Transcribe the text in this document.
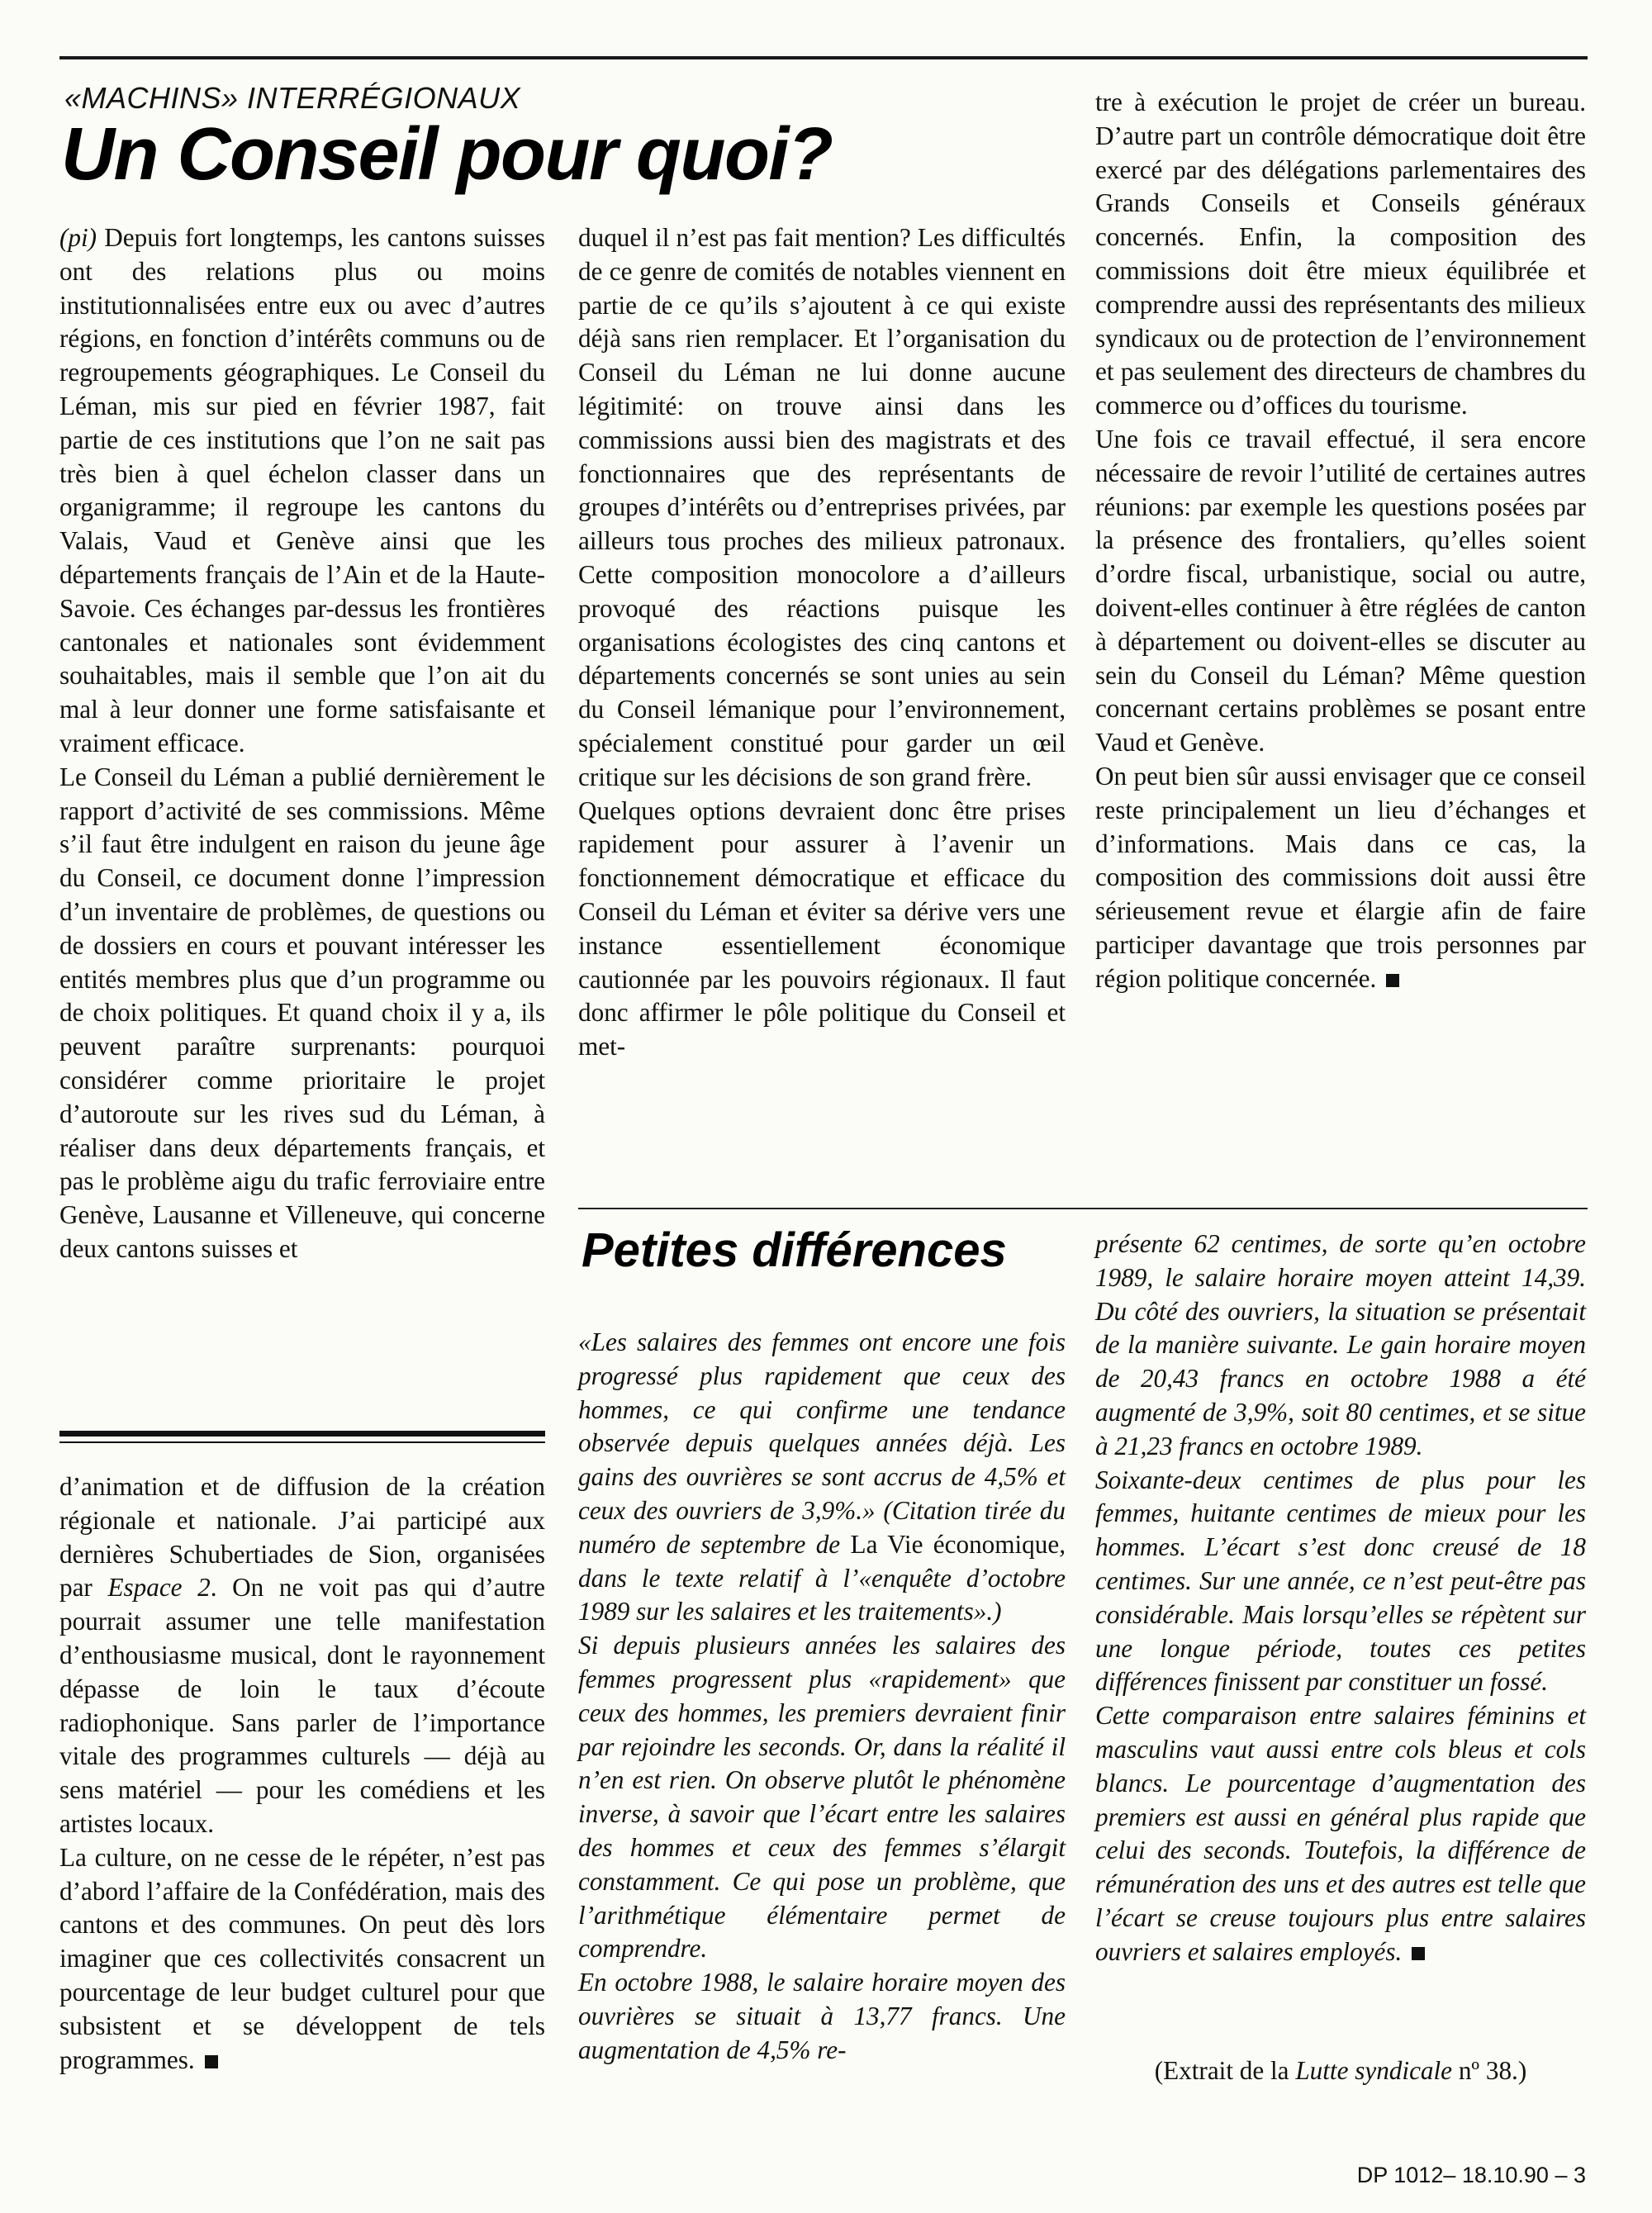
«MACHINS» INTERRÉGIONAUX
Un Conseil pour quoi?

(pi) Depuis fort longtemps, les cantons suisses ont des relations plus ou moins institutionnalisées entre eux ou avec d’autres régions, en fonction d’intérêts communs ou de regroupements géographiques. Le Conseil du Léman, mis sur pied en février 1987, fait partie de ces institutions que l’on ne sait pas très bien à quel échelon classer dans un organigramme; il regroupe les cantons du Valais, Vaud et Genève ainsi que les départements français de l’Ain et de la Haute-Savoie. Ces échanges par-dessus les frontières cantonales et nationales sont évidemment souhaitables, mais il semble que l’on ait du mal à leur donner une forme satisfaisante et vraiment efficace.

Le Conseil du Léman a publié dernièrement le rapport d’activité de ses commissions. Même s’il faut être indulgent en raison du jeune âge du Conseil, ce document donne l’impression d’un inventaire de problèmes, de questions ou de dossiers en cours et pouvant intéresser les entités membres plus que d’un programme ou de choix politiques. Et quand choix il y a, ils peuvent paraître surprenants: pourquoi considérer comme prioritaire le projet d’autoroute sur les rives sud du Léman, à réaliser dans deux départements français, et pas le problème aigu du trafic ferroviaire entre Genève, Lausanne et Villeneuve, qui concerne deux cantons suisses et

duquel il n’est pas fait mention? Les difficultés de ce genre de comités de notables viennent en partie de ce qu’ils s’ajoutent à ce qui existe déjà sans rien remplacer. Et l’organisation du Conseil du Léman ne lui donne aucune légitimité: on trouve ainsi dans les commissions aussi bien des magistrats et des fonctionnaires que des représentants de groupes d’intérêts ou d’entreprises privées, par ailleurs tous proches des milieux patronaux. Cette composition monocolore a d’ailleurs provoqué des réactions puisque les organisations écologistes des cinq cantons et départements concernés se sont unies au sein du Conseil lémanique pour l’environnement, spécialement constitué pour garder un œil critique sur les décisions de son grand frère.

Quelques options devraient donc être prises rapidement pour assurer à l’avenir un fonctionnement démocratique et efficace du Conseil du Léman et éviter sa dérive vers une instance essentiellement économique cautionnée par les pouvoirs régionaux. Il faut donc affirmer le pôle politique du Conseil et met-

tre à exécution le projet de créer un bureau. D’autre part un contrôle démocratique doit être exercé par des délégations parlementaires des Grands Conseils et Conseils généraux concernés. Enfin, la composition des commissions doit être mieux équilibrée et comprendre aussi des représentants des milieux syndicaux ou de protection de l’environnement et pas seulement des directeurs de chambres du commerce ou d’offices du tourisme.

Une fois ce travail effectué, il sera encore nécessaire de revoir l’utilité de certaines autres réunions: par exemple les questions posées par la présence des frontaliers, qu’elles soient d’ordre fiscal, urbanistique, social ou autre, doivent-elles continuer à être réglées de canton à département ou doivent-elles se discuter au sein du Conseil du Léman? Même question concernant certains problèmes se posant entre Vaud et Genève.

On peut bien sûr aussi envisager que ce conseil reste principalement un lieu d’échanges et d’informations. Mais dans ce cas, la composition des commissions doit aussi être sérieusement revue et élargie afin de faire participer davantage que trois personnes par région politique concernée.

d’animation et de diffusion de la création régionale et nationale. J’ai participé aux dernières Schubertiades de Sion, organisées par Espace 2. On ne voit pas qui d’autre pourrait assumer une telle manifestation d’enthousiasme musical, dont le rayonnement dépasse de loin le taux d’écoute radiophonique. Sans parler de l’importance vitale des programmes culturels — déjà au sens matériel — pour les comédiens et les artistes locaux.

La culture, on ne cesse de le répéter, n’est pas d’abord l’affaire de la Confédération, mais des cantons et des communes. On peut dès lors imaginer que ces collectivités consacrent un pourcentage de leur budget culturel pour que subsistent et se développent de tels programmes.

Petites différences

«Les salaires des femmes ont encore une fois progressé plus rapidement que ceux des hommes, ce qui confirme une tendance observée depuis quelques années déjà. Les gains des ouvrières se sont accrus de 4,5% et ceux des ouvriers de 3,9%.» (Citation tirée du numéro de septembre de La Vie économique, dans le texte relatif à l’«enquête d’octobre 1989 sur les salaires et les traitements».)

Si depuis plusieurs années les salaires des femmes progressent plus «rapidement» que ceux des hommes, les premiers devraient finir par rejoindre les seconds. Or, dans la réalité il n’en est rien. On observe plutôt le phénomène inverse, à savoir que l’écart entre les salaires des hommes et ceux des femmes s’élargit constamment. Ce qui pose un problème, que l’arithmétique élémentaire permet de comprendre.

En octobre 1988, le salaire horaire moyen des ouvrières se situait à 13,77 francs. Une augmentation de 4,5% re-

présente 62 centimes, de sorte qu’en octobre 1989, le salaire horaire moyen atteint 14,39. Du côté des ouvriers, la situation se présentait de la manière suivante. Le gain horaire moyen de 20,43 francs en octobre 1988 a été augmenté de 3,9%, soit 80 centimes, et se situe à 21,23 francs en octobre 1989.

Soixante-deux centimes de plus pour les femmes, huitante centimes de mieux pour les hommes. L’écart s’est donc creusé de 18 centimes. Sur une année, ce n’est peut-être pas considérable. Mais lorsqu’elles se répètent sur une longue période, toutes ces petites différences finissent par constituer un fossé.

Cette comparaison entre salaires féminins et masculins vaut aussi entre cols bleus et cols blancs. Le pourcentage d’augmentation des premiers est aussi en général plus rapide que celui des seconds. Toutefois, la différence de rémunération des uns et des autres est telle que l’écart se creuse toujours plus entre salaires ouvriers et salaires employés.

(Extrait de la Lutte syndicale nº 38.)
DP 1012– 18.10.90 – 3
